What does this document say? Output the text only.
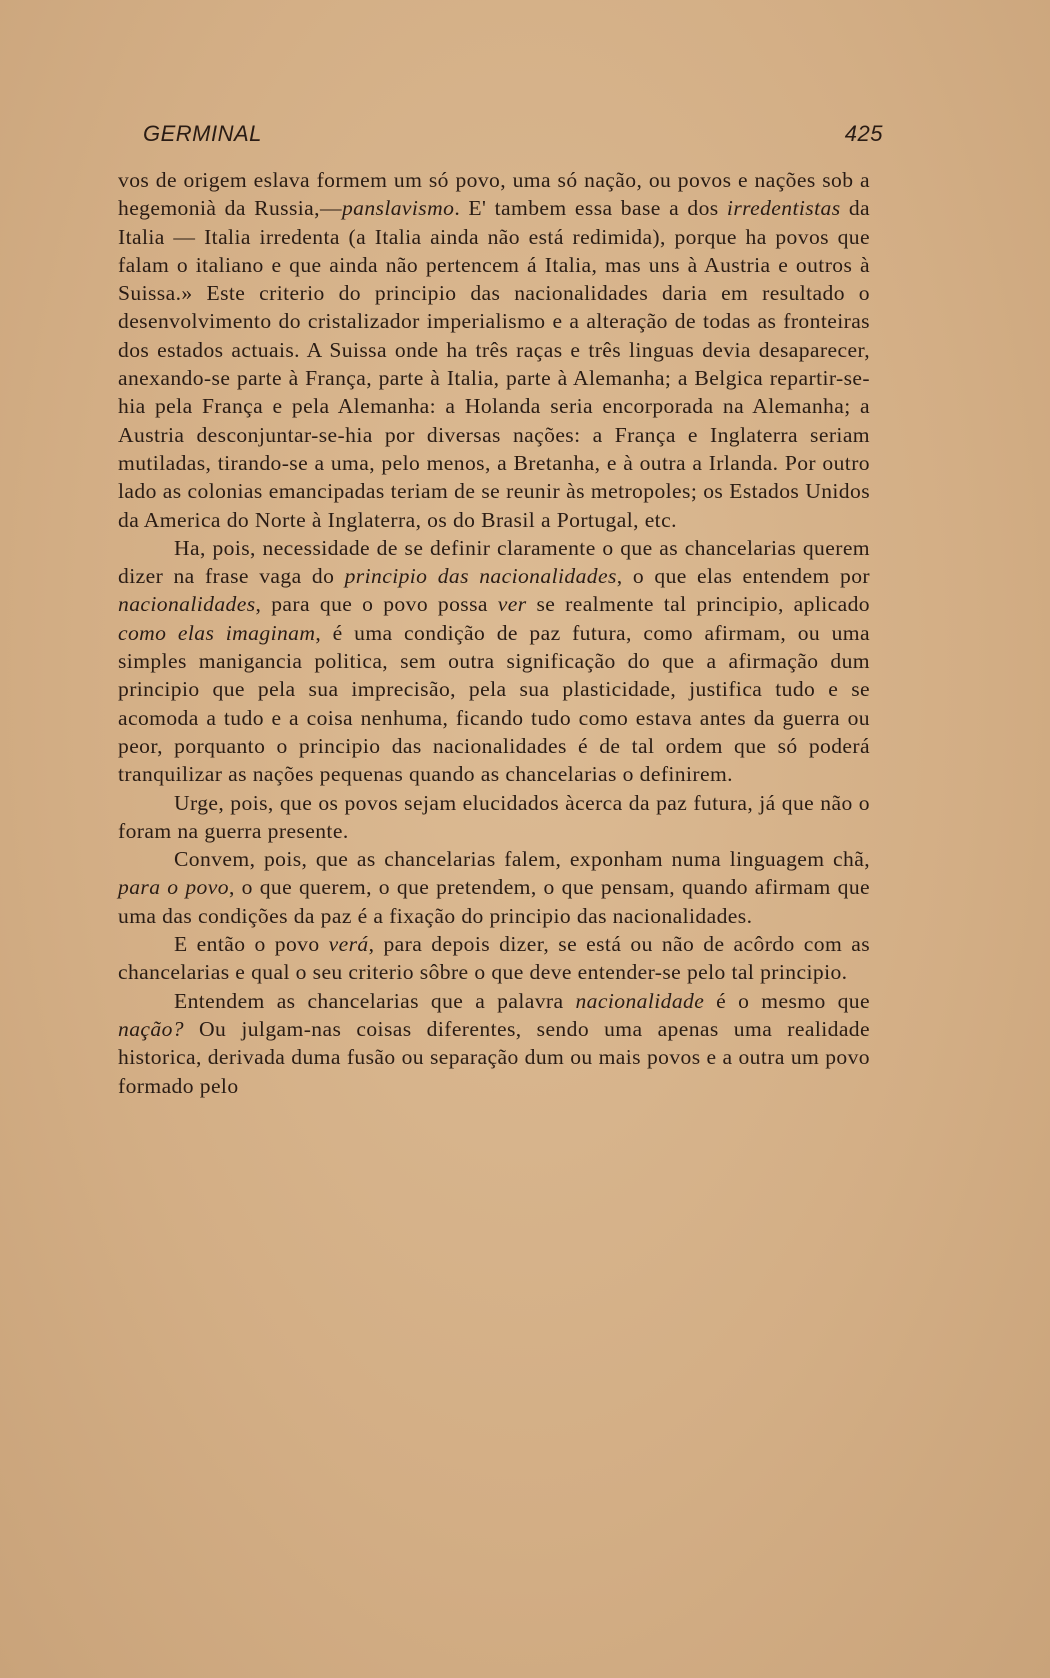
GERMINAL	425

vos de origem eslava formem um só povo, uma só nação, ou povos e nações sob a hegemonià da Russia,—panslavismo. E' tambem essa base a dos irredentistas da Italia — Italia irredenta (a Italia ainda não está redimida), porque ha povos que falam o italiano e que ainda não pertencem á Italia, mas uns à Austria e outros à Suissa.» Este criterio do principio das nacionalidades daria em resultado o desenvolvimento do cristalizador imperialismo e a alteração de todas as fronteiras dos estados actuais. A Suissa onde ha três raças e três linguas devia desaparecer, anexando-se parte à França, parte à Italia, parte à Alemanha; a Belgica repartir-se-hia pela França e pela Alemanha: a Holanda seria encorporada na Alemanha; a Austria desconjuntar-se-hia por diversas nações: a França e Inglaterra seriam mutiladas, tirando-se a uma, pelo menos, a Bretanha, e à outra a Irlanda. Por outro lado as colonias emancipadas teriam de se reunir às metropoles; os Estados Unidos da America do Norte à Inglaterra, os do Brasil a Portugal, etc.

Ha, pois, necessidade de se definir claramente o que as chancelarias querem dizer na frase vaga do principio das nacionalidades, o que elas entendem por nacionalidades, para que o povo possa ver se realmente tal principio, aplicado como elas imaginam, é uma condição de paz futura, como afirmam, ou uma simples manigancia politica, sem outra significação do que a afirmação dum principio que pela sua imprecisão, pela sua plasticidade, justifica tudo e se acomoda a tudo e a coisa nenhuma, ficando tudo como estava antes da guerra ou peor, porquanto o principio das nacionalidades é de tal ordem que só poderá tranquilizar as nações pequenas quando as chancelarias o definirem.

Urge, pois, que os povos sejam elucidados àcerca da paz futura, já que não o foram na guerra presente.

Convem, pois, que as chancelarias falem, exponham numa linguagem chã, para o povo, o que querem, o que pretendem, o que pensam, quando afirmam que uma das condições da paz é a fixação do principio das nacionalidades.

E então o povo verá, para depois dizer, se está ou não de acôrdo com as chancelarias e qual o seu criterio sôbre o que deve entender-se pelo tal principio.

Entendem as chancelarias que a palavra nacionalidade é o mesmo que nação? Ou julgam-nas coisas diferentes, sendo uma apenas uma realidade historica, derivada duma fusão ou separação dum ou mais povos e a outra um povo formado pelo
